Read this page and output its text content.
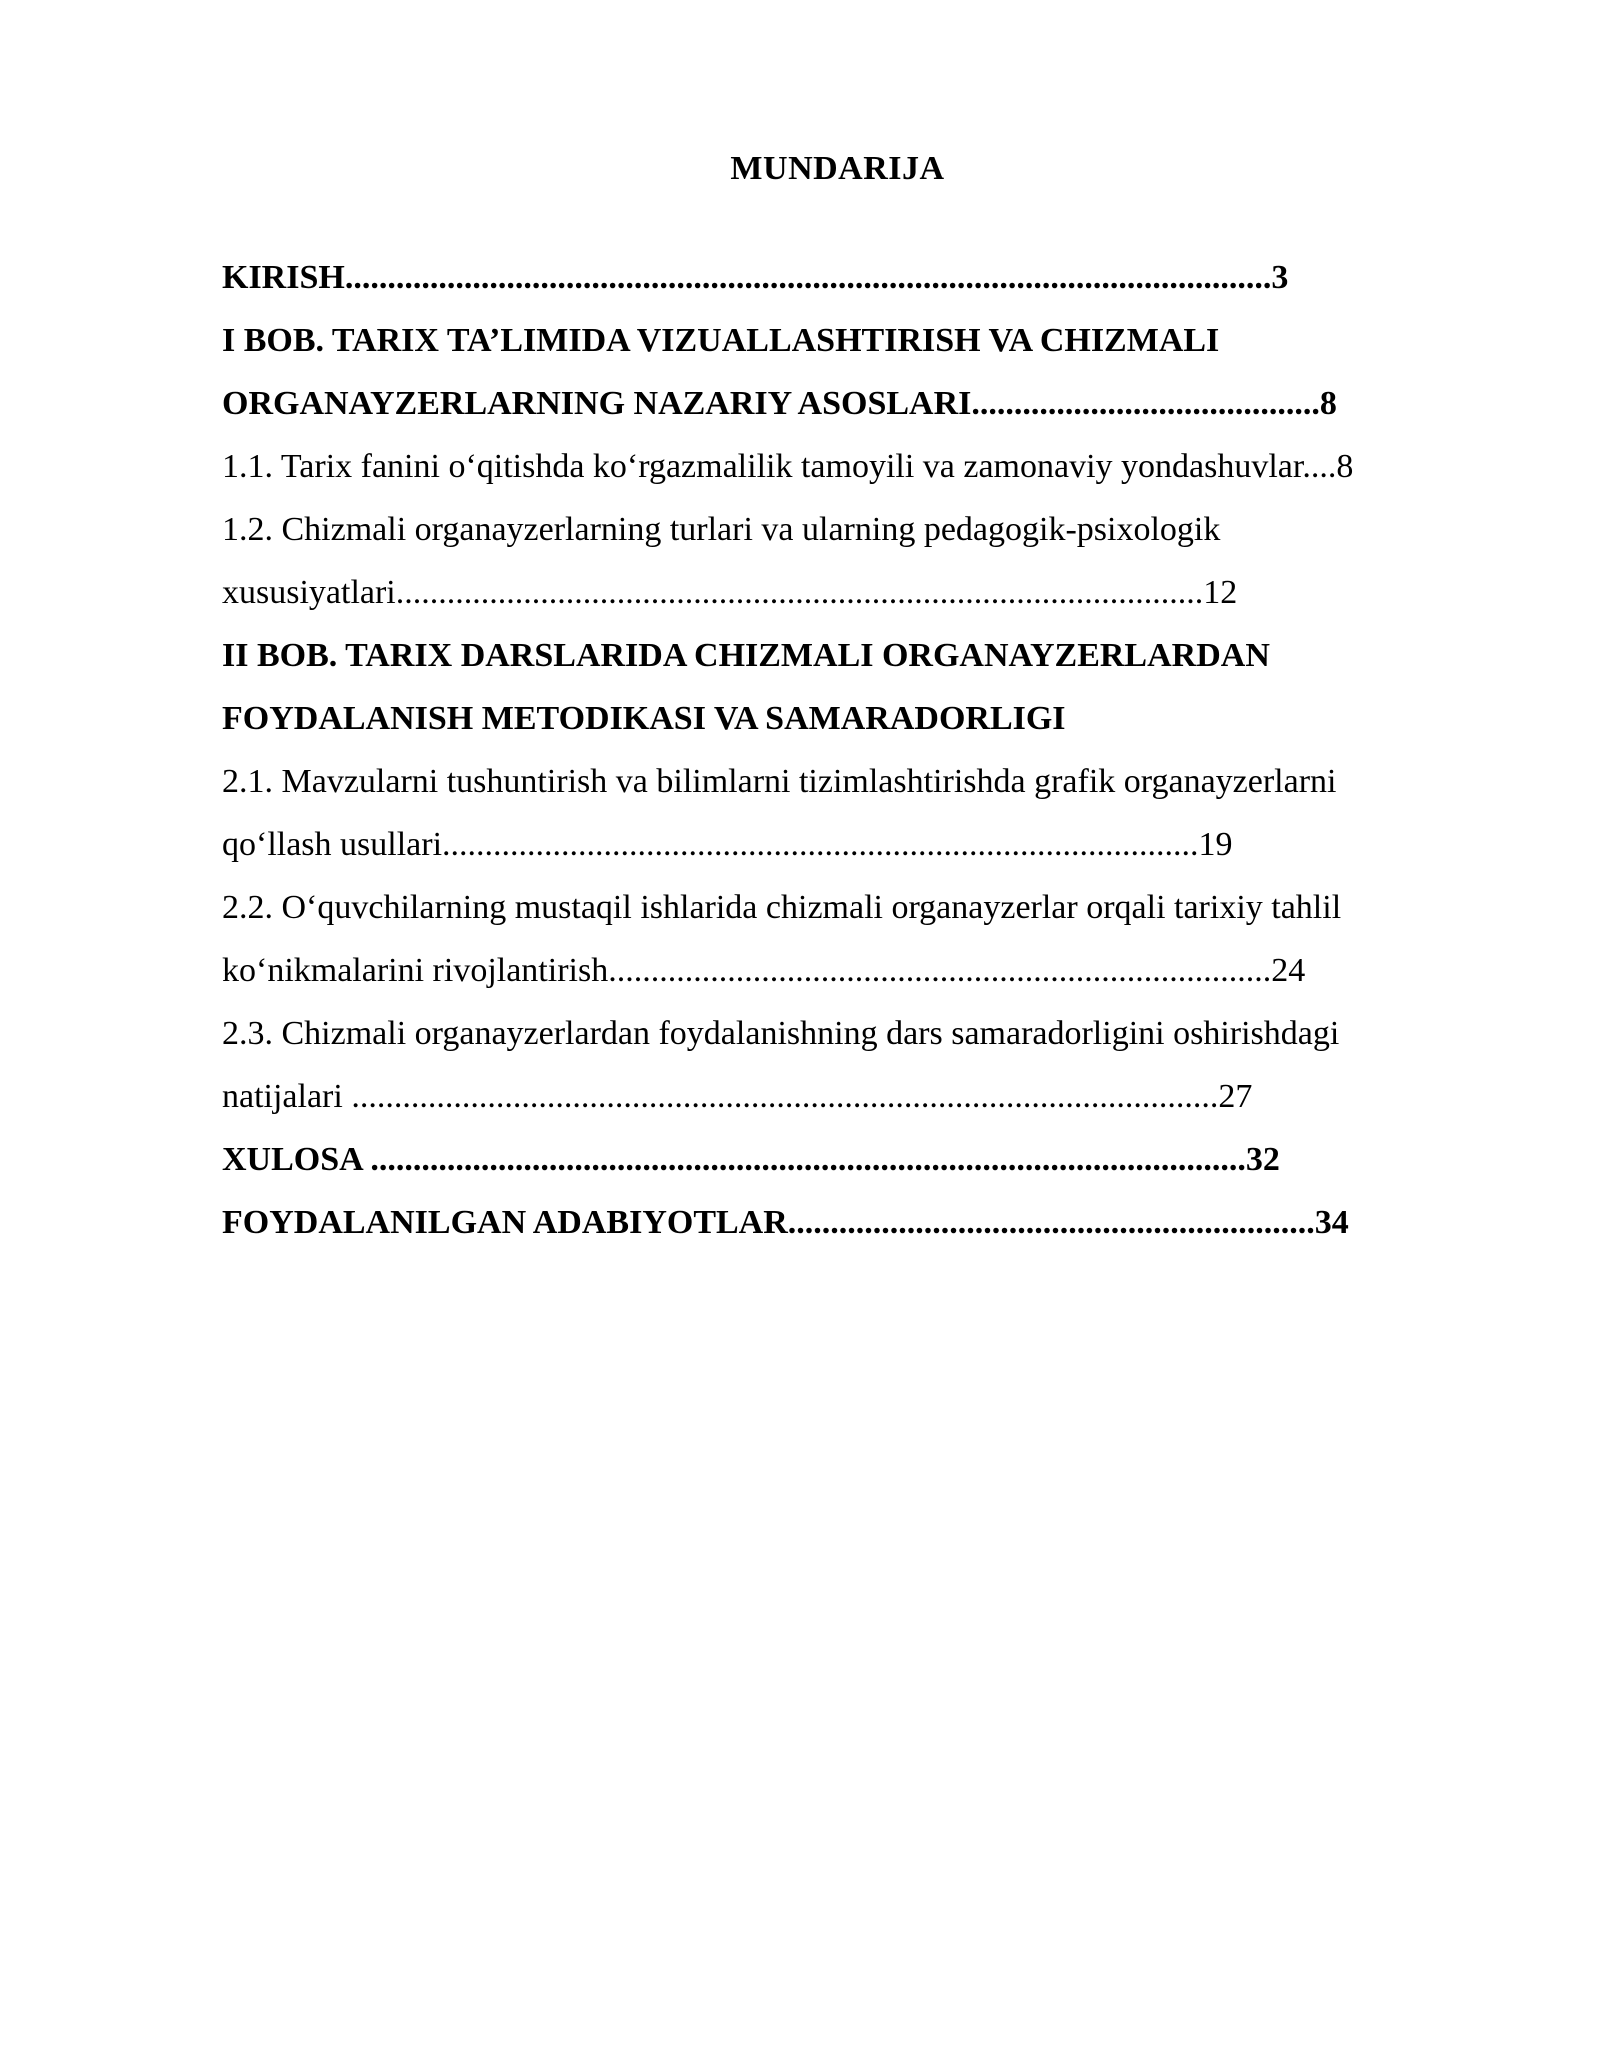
MUNDARIJA
KIRISH.............................................................................................................3
I BOB. TARIX TA’LIMIDA VIZUALLASHTIRISH VA CHIZMALI
ORGANAYZERLARNING NAZARIY ASOSLARI.........................................8
1.1. Tarix fanini o‘qitishda ko‘rgazmalilik tamoyili va zamonaviy yondashuvlar....8
1.2. Chizmali organayzerlarning turlari va ularning pedagogik-psixologik
xususiyatlari...............................................................................................12
II BOB. TARIX DARSLARIDA CHIZMALI ORGANAYZERLARDAN
FOYDALANISH METODIKASI VA SAMARADORLIGI
2.1. Mavzularni tushuntirish va bilimlarni tizimlashtirishda grafik organayzerlarni
qo‘llash usullari.........................................................................................19
2.2. O‘quvchilarning mustaqil ishlarida chizmali organayzerlar orqali tarixiy tahlil
ko‘nikmalarini rivojlantirish..............................................................................24
2.3. Chizmali organayzerlardan foydalanishning dars samaradorligini oshirishdagi
natijalari ......................................................................................................27
XULOSA .......................................................................................................32
FOYDALANILGAN ADABIYOTLAR..............................................................34
